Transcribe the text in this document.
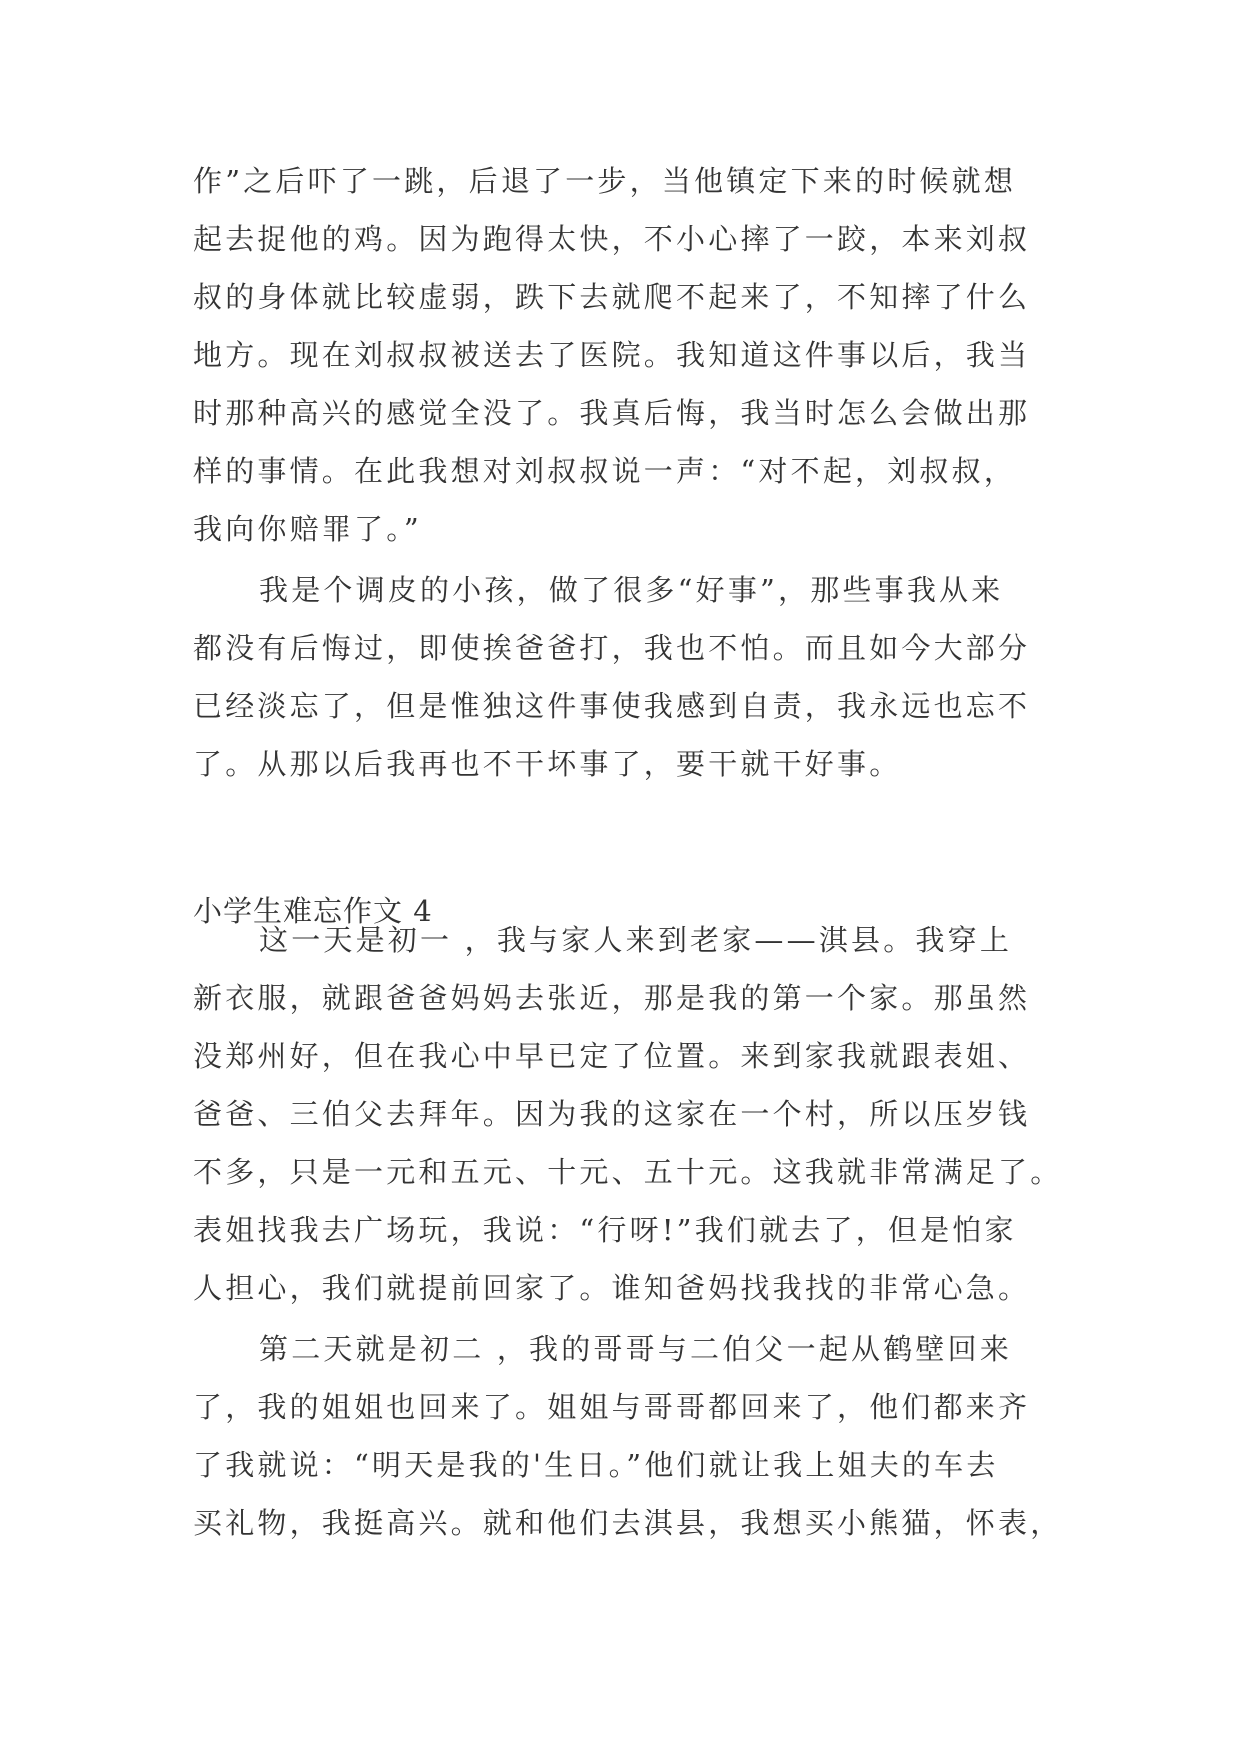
作”之后吓了一跳，后退了一步，当他镇定下来的时候就想
起去捉他的鸡。因为跑得太快，不小心摔了一跤，本来刘叔
叔的身体就比较虚弱，跌下去就爬不起来了，不知摔了什么
地方。现在刘叔叔被送去了医院。我知道这件事以后，我当
时那种高兴的感觉全没了。我真后悔，我当时怎么会做出那
样的事情。在此我想对刘叔叔说一声：“对不起，刘叔叔，
我向你赔罪了。”
我是个调皮的小孩，做了很多“好事”，那些事我从来
都没有后悔过，即使挨爸爸打，我也不怕。而且如今大部分
已经淡忘了，但是惟独这件事使我感到自责，我永远也忘不
了。从那以后我再也不干坏事了，要干就干好事。
小学生难忘作文 4
这一天是初一 ，我与家人来到老家——淇县。我穿上
新衣服，就跟爸爸妈妈去张近，那是我的第一个家。那虽然
没郑州好，但在我心中早已定了位置。来到家我就跟表姐、
爸爸、三伯父去拜年。因为我的这家在一个村，所以压岁钱
不多，只是一元和五元、十元、五十元。这我就非常满足了。
表姐找我去广场玩，我说：“行呀!”我们就去了，但是怕家
人担心，我们就提前回家了。谁知爸妈找我找的非常心急。
第二天就是初二 ，我的哥哥与二伯父一起从鹤壁回来
了，我的姐姐也回来了。姐姐与哥哥都回来了，他们都来齐
了我就说：“明天是我的'生日。”他们就让我上姐夫的车去
买礼物，我挺高兴。就和他们去淇县，我想买小熊猫，怀表，
